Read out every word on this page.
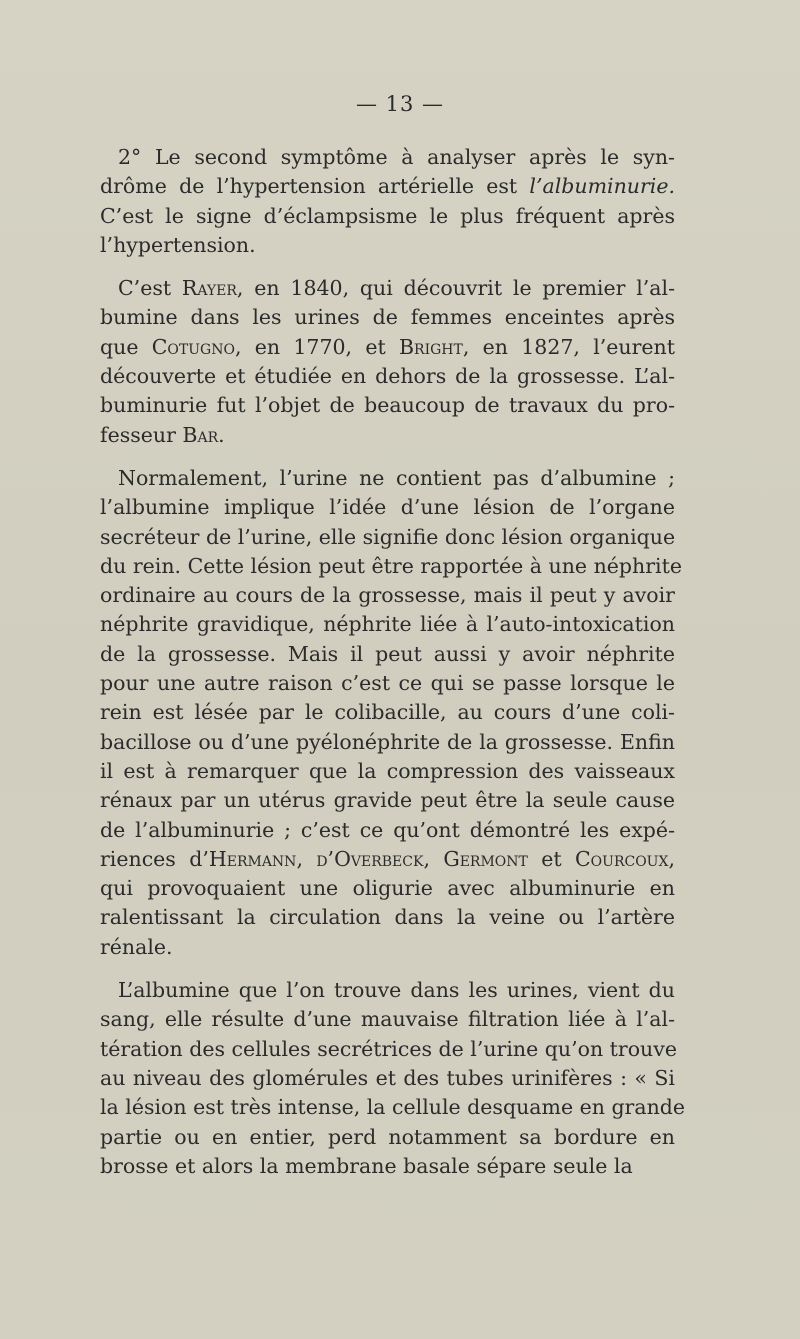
— 13 —

2° Le second symptôme à analyser après le syn-
drôme de l’hypertension artérielle est l’albuminurie.
C’est le signe d’éclampsisme le plus fréquent après
l’hypertension.

C’est Rayer, en 1840, qui découvrit le premier l’al-
bumine dans les urines de femmes enceintes après
que Cotugno, en 1770, et Bright, en 1827, l’eurent
découverte et étudiée en dehors de la grossesse. L’al-
buminurie fut l’objet de beaucoup de travaux du pro-
fesseur Bar.

Normalement, l’urine ne contient pas d’albumine ;
l’albumine implique l’idée d’une lésion de l’organe
secréteur de l’urine, elle signifie donc lésion organique
du rein. Cette lésion peut être rapportée à une néphrite
ordinaire au cours de la grossesse, mais il peut y avoir
néphrite gravidique, néphrite liée à l’auto-intoxication
de la grossesse. Mais il peut aussi y avoir néphrite
pour une autre raison c’est ce qui se passe lorsque le
rein est lésée par le colibacille, au cours d’une coli-
bacillose ou d’une pyélonéphrite de la grossesse. Enfin
il est à remarquer que la compression des vaisseaux
rénaux par un utérus gravide peut être la seule cause
de l’albuminurie ; c’est ce qu’ont démontré les expé-
riences d’Hermann, d’Overbeck, Germont et Courcoux,
qui provoquaient une oligurie avec albuminurie en
ralentissant la circulation dans la veine ou l’artère
rénale.

L’albumine que l’on trouve dans les urines, vient du
sang, elle résulte d’une mauvaise filtration liée à l’al-
tération des cellules secrétrices de l’urine qu’on trouve
au niveau des glomérules et des tubes urinifères : « Si
la lésion est très intense, la cellule desquame en grande
partie ou en entier, perd notamment sa bordure en
brosse et alors la membrane basale sépare seule la
